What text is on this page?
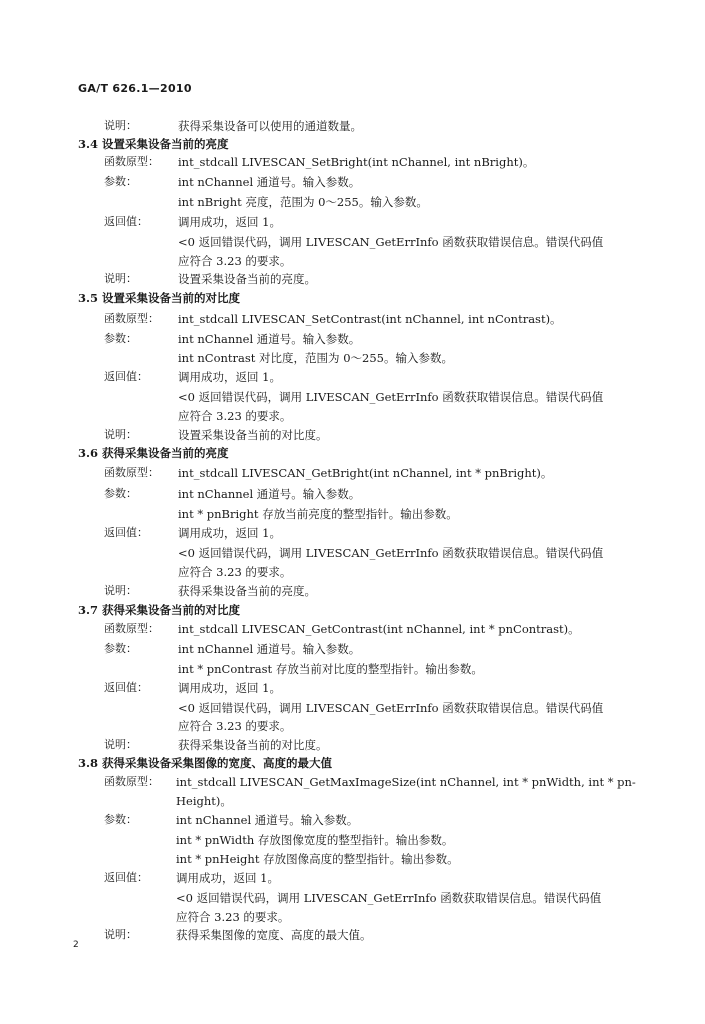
GA/T 626.1—2010
说明：	获得采集设备可以使用的通道数量。
3.4 设置采集设备当前的亮度
函数原型： int_stdcall LIVESCAN_SetBright(int nChannel, int nBright)。
参数：	int nChannel 通道号。输入参数。
int nBright 亮度，范围为 0～255。输入参数。
返回值：	调用成功，返回 1。
<0 返回错误代码，调用 LIVESCAN_GetErrInfo 函数获取错误信息。错误代码值
应符合 3.23 的要求。
说明：	设置采集设备当前的亮度。
3.5 设置采集设备当前的对比度
函数原型： int_stdcall LIVESCAN_SetContrast(int nChannel, int nContrast)。
参数：	int nChannel 通道号。输入参数。
int nContrast 对比度，范围为 0～255。输入参数。
返回值：	调用成功，返回 1。
<0 返回错误代码，调用 LIVESCAN_GetErrInfo 函数获取错误信息。错误代码值
应符合 3.23 的要求。
说明：	设置采集设备当前的对比度。
3.6 获得采集设备当前的亮度
函数原型： int_stdcall LIVESCAN_GetBright(int nChannel, int * pnBright)。
参数：	int nChannel 通道号。输入参数。
int * pnBright 存放当前亮度的整型指针。输出参数。
返回值：	调用成功，返回 1。
<0 返回错误代码，调用 LIVESCAN_GetErrInfo 函数获取错误信息。错误代码值
应符合 3.23 的要求。
说明：	获得采集设备当前的亮度。
3.7 获得采集设备当前的对比度
函数原型： int_stdcall LIVESCAN_GetContrast(int nChannel, int * pnContrast)。
参数：	int nChannel 通道号。输入参数。
int * pnContrast 存放当前对比度的整型指针。输出参数。
返回值：	调用成功，返回 1。
<0 返回错误代码，调用 LIVESCAN_GetErrInfo 函数获取错误信息。错误代码值
应符合 3.23 的要求。
说明：	获得采集设备当前的对比度。
3.8 获得采集设备采集图像的宽度、高度的最大值
函数原型： int_stdcall LIVESCAN_GetMaxImageSize(int nChannel, int * pnWidth, int * pn-
Height)。
参数：	int nChannel 通道号。输入参数。
int * pnWidth 存放图像宽度的整型指针。输出参数。
int * pnHeight 存放图像高度的整型指针。输出参数。
返回值： 调用成功，返回 1。
<0 返回错误代码，调用 LIVESCAN_GetErrInfo 函数获取错误信息。错误代码值
应符合 3.23 的要求。
说明：	获得采集图像的宽度、高度的最大值。
2
